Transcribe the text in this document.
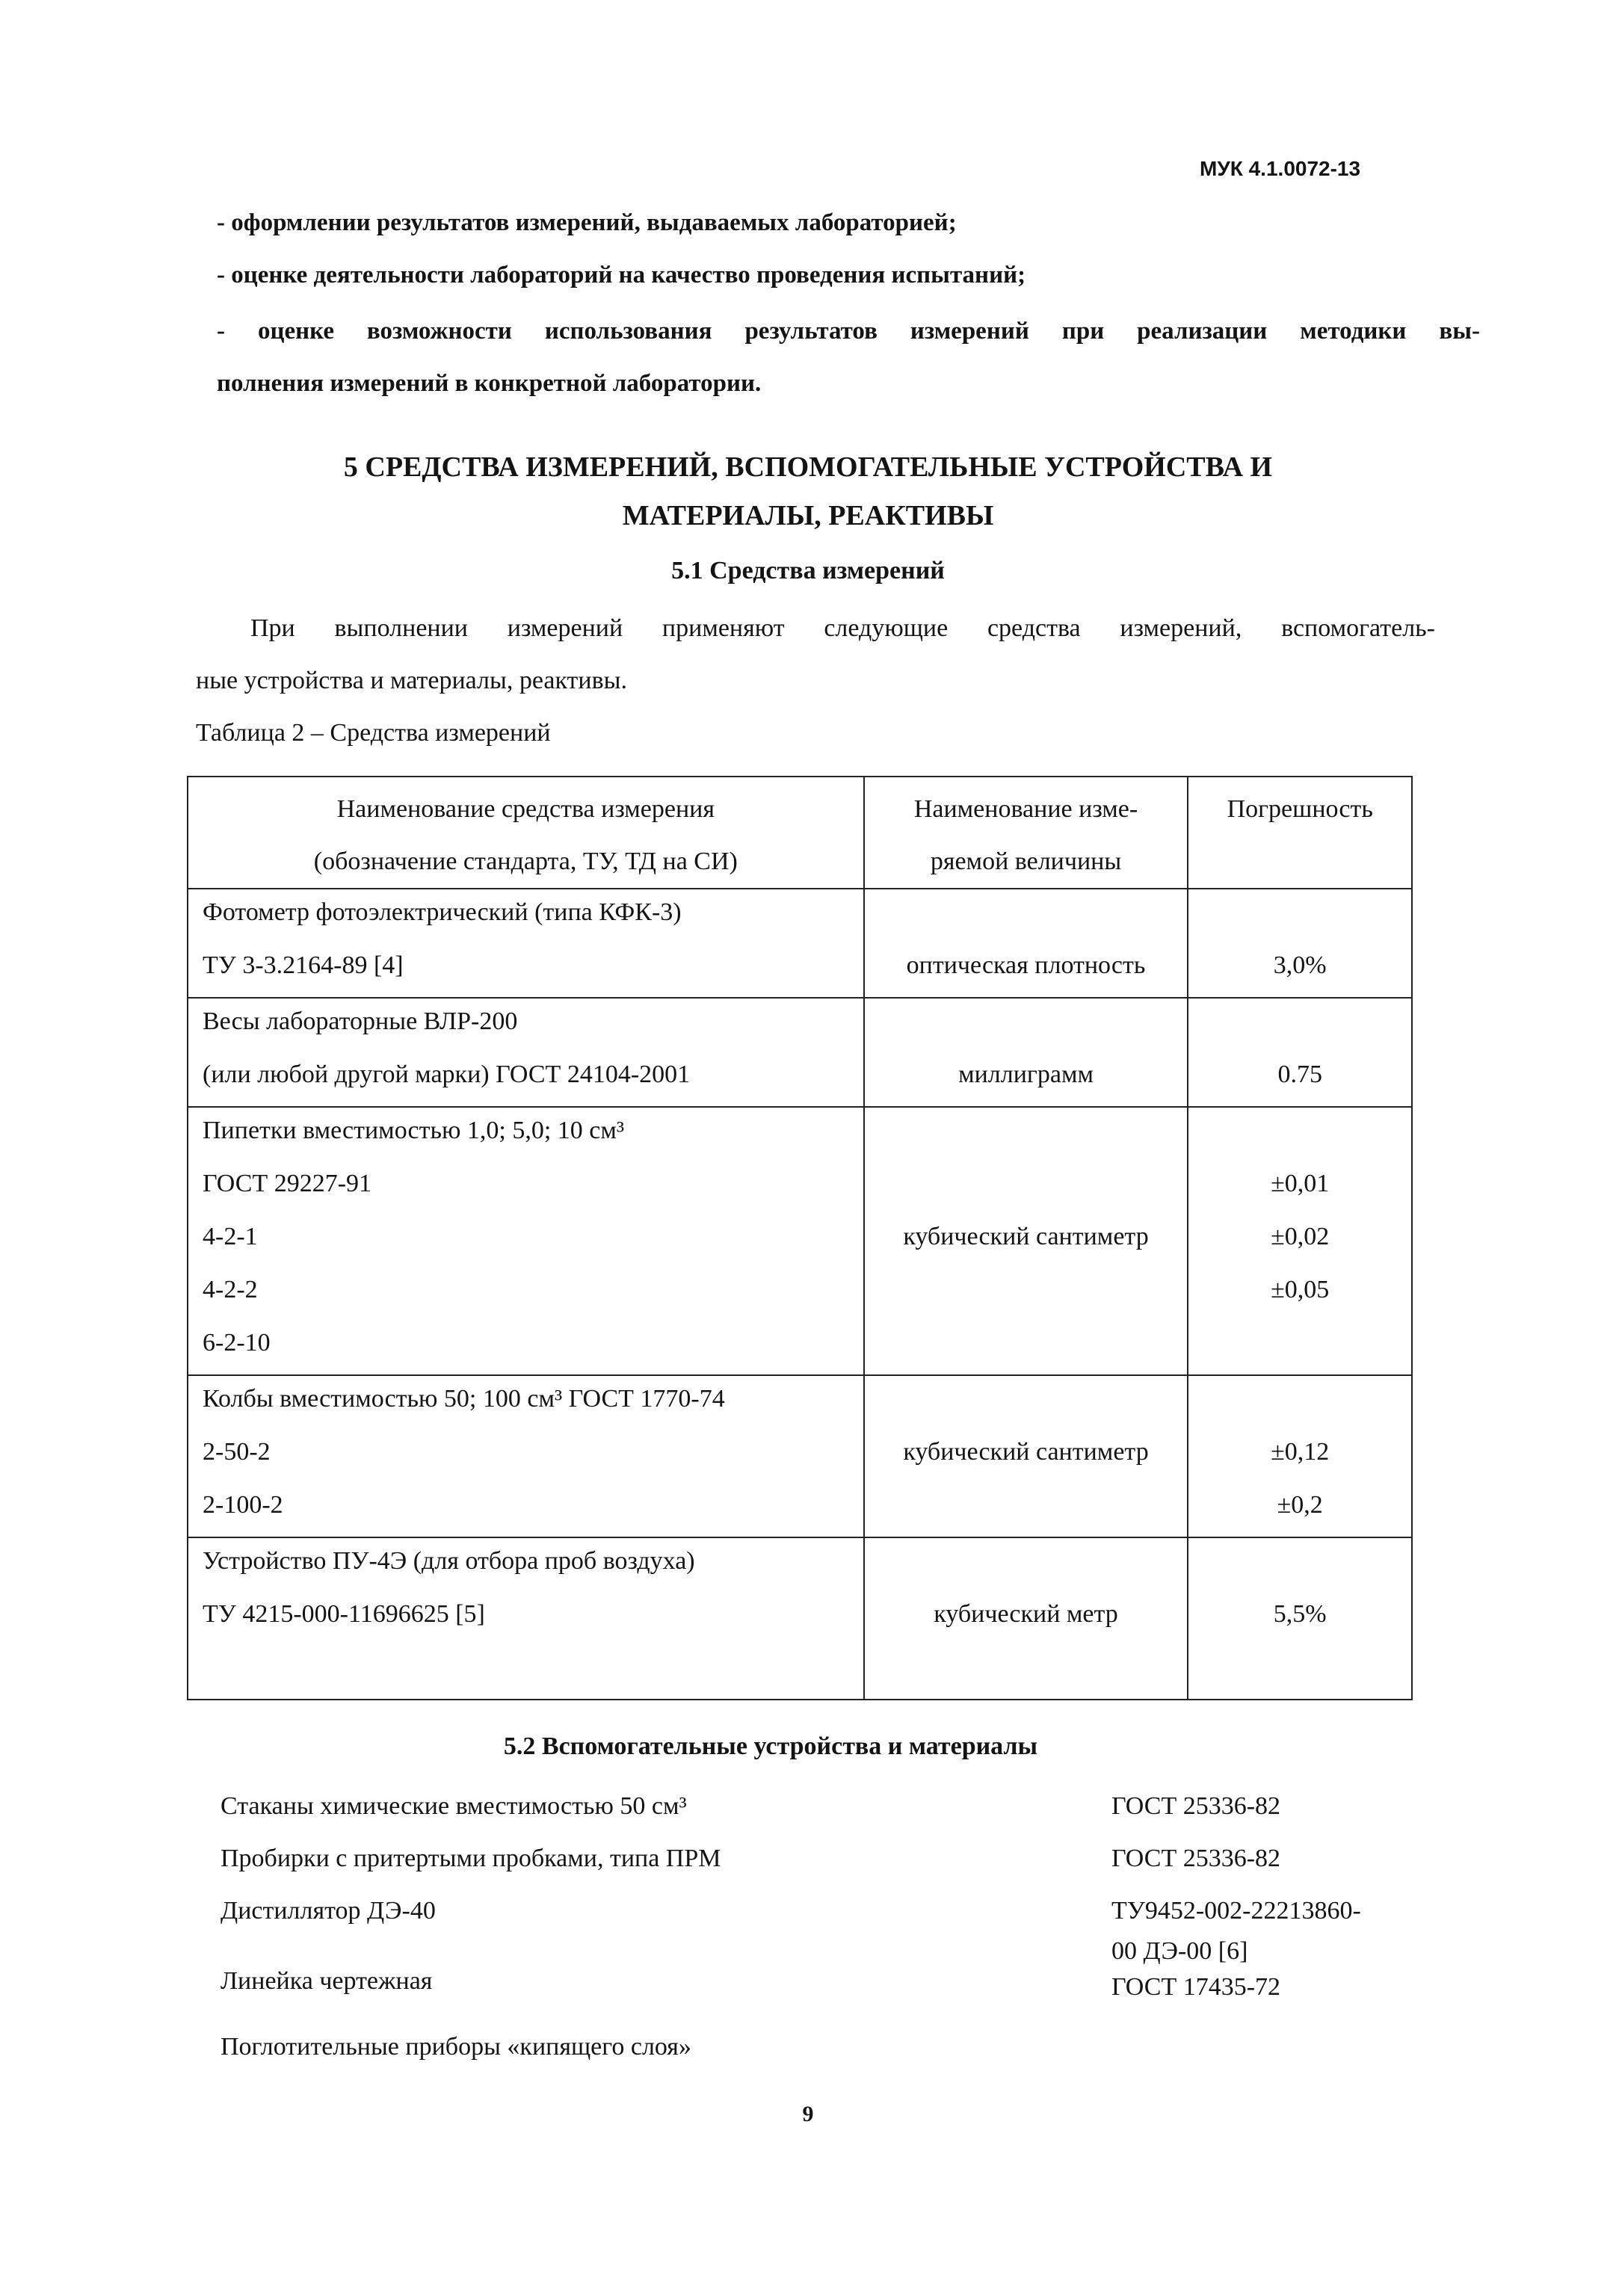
МУК 4.1.0072-13
- оформлении результатов измерений, выдаваемых лабораторией;
- оценке деятельности лабораторий на качество проведения испытаний;
- оценке возможности использования результатов измерений при реализации методики вы-
полнения измерений в конкретной лаборатории.
5 СРЕДСТВА ИЗМЕРЕНИЙ, ВСПОМОГАТЕЛЬНЫЕ УСТРОЙСТВА И
МАТЕРИАЛЫ, РЕАКТИВЫ
5.1 Средства измерений
При выполнении измерений применяют следующие средства измерений, вспомогатель-
ные устройства и материалы, реактивы.
Таблица 2 – Средства измерений
Наименование средства измерения
(обозначение стандарта, ТУ, ТД на СИ)	Наименование изме-
ряемой величины	Погрешность

Фотометр фотоэлектрический (типа КФК-3)
ТУ 3-3.2164-89 [4]	оптическая плотность	3,0%

Весы лабораторные ВЛР-200
(или любой другой марки) ГОСТ 24104-2001	миллиграмм	0.75

Пипетки вместимостью 1,0; 5,0; 10 см³
ГОСТ 29227-91
4-2-1
4-2-2
6-2-10	кубический сантиметр	±0,01
±0,02
±0,05

Колбы вместимостью 50; 100 см³ ГОСТ 1770-74
2-50-2
2-100-2	кубический сантиметр	±0,12
±0,2

Устройство ПУ-4Э (для отбора проб воздуха)
ТУ 4215-000-11696625 [5]	кубический метр	5,5%
5.2 Вспомогательные устройства и материалы
Стаканы химические вместимостью 50 см³	ГОСТ 25336-82
Пробирки с притертыми пробками, типа ПРМ	ГОСТ 25336-82
Дистиллятор ДЭ-40	ТУ9452-002-22213860-
00 ДЭ-00 [6]
Линейка чертежная	ГОСТ 17435-72
Поглотительные приборы «кипящего слоя»
9
